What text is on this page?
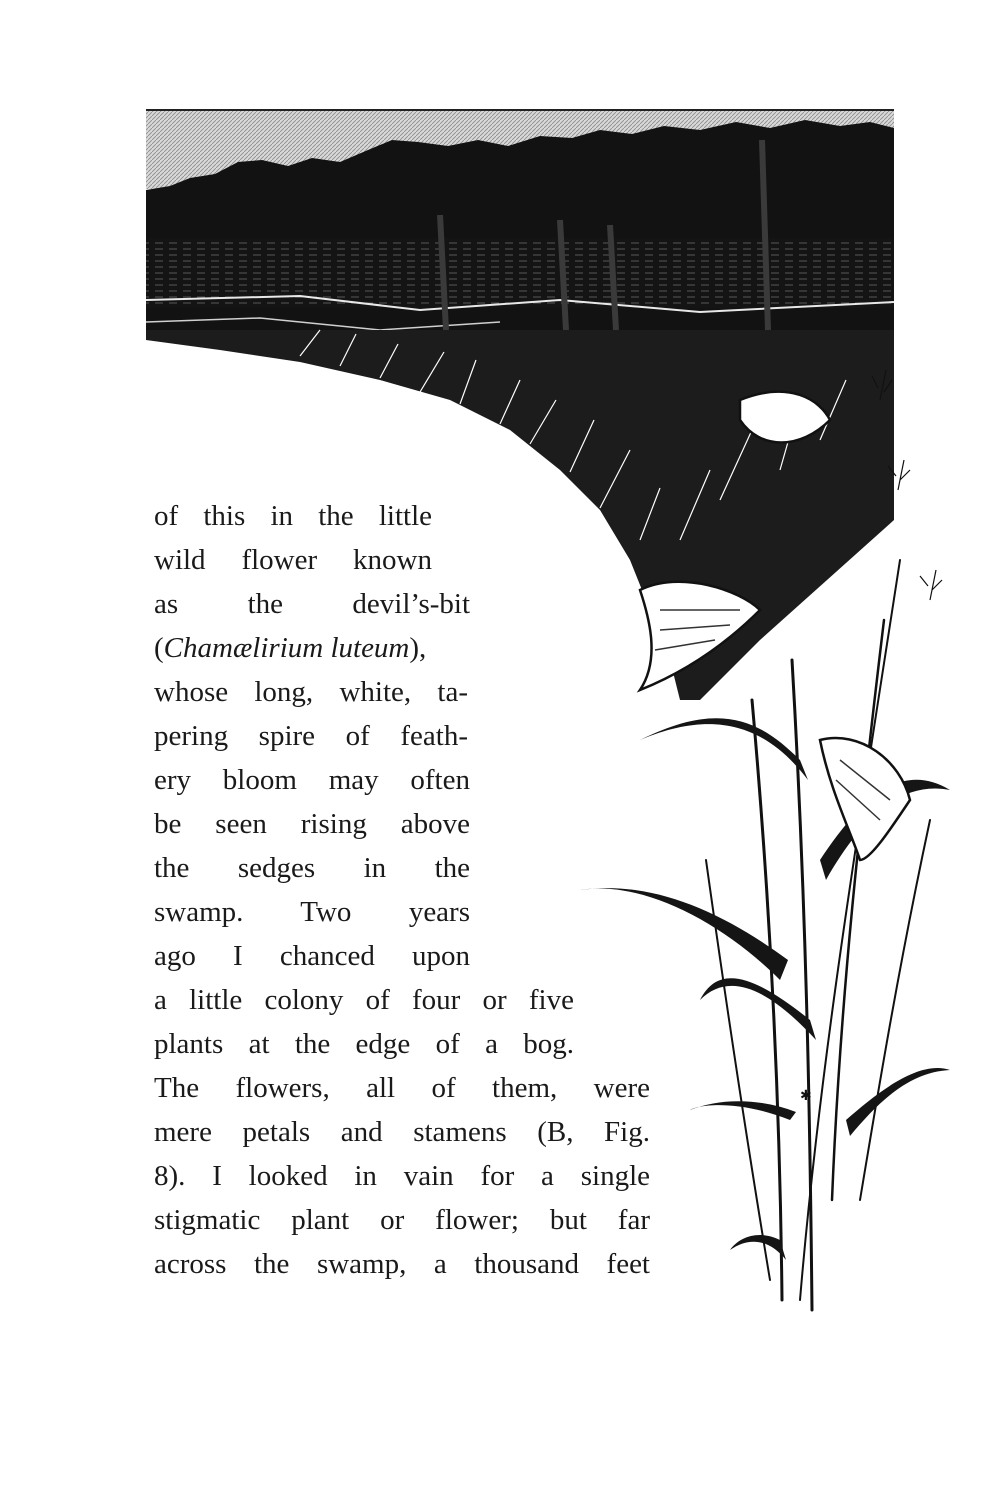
✱
of this in the little
wild flower known
as the devil’s-bit
(Chamælirium luteum),
whose long, white, ta-
pering spire of feath-
ery bloom may often
be seen rising above
the sedges in the
swamp. Two years
ago I chanced upon
a little colony of four or five
plants at the edge of a bog.
The flowers, all of them, were
mere petals and stamens (B, Fig.
8). I looked in vain for a single
stigmatic plant or flower; but far
across the swamp, a thousand feet
